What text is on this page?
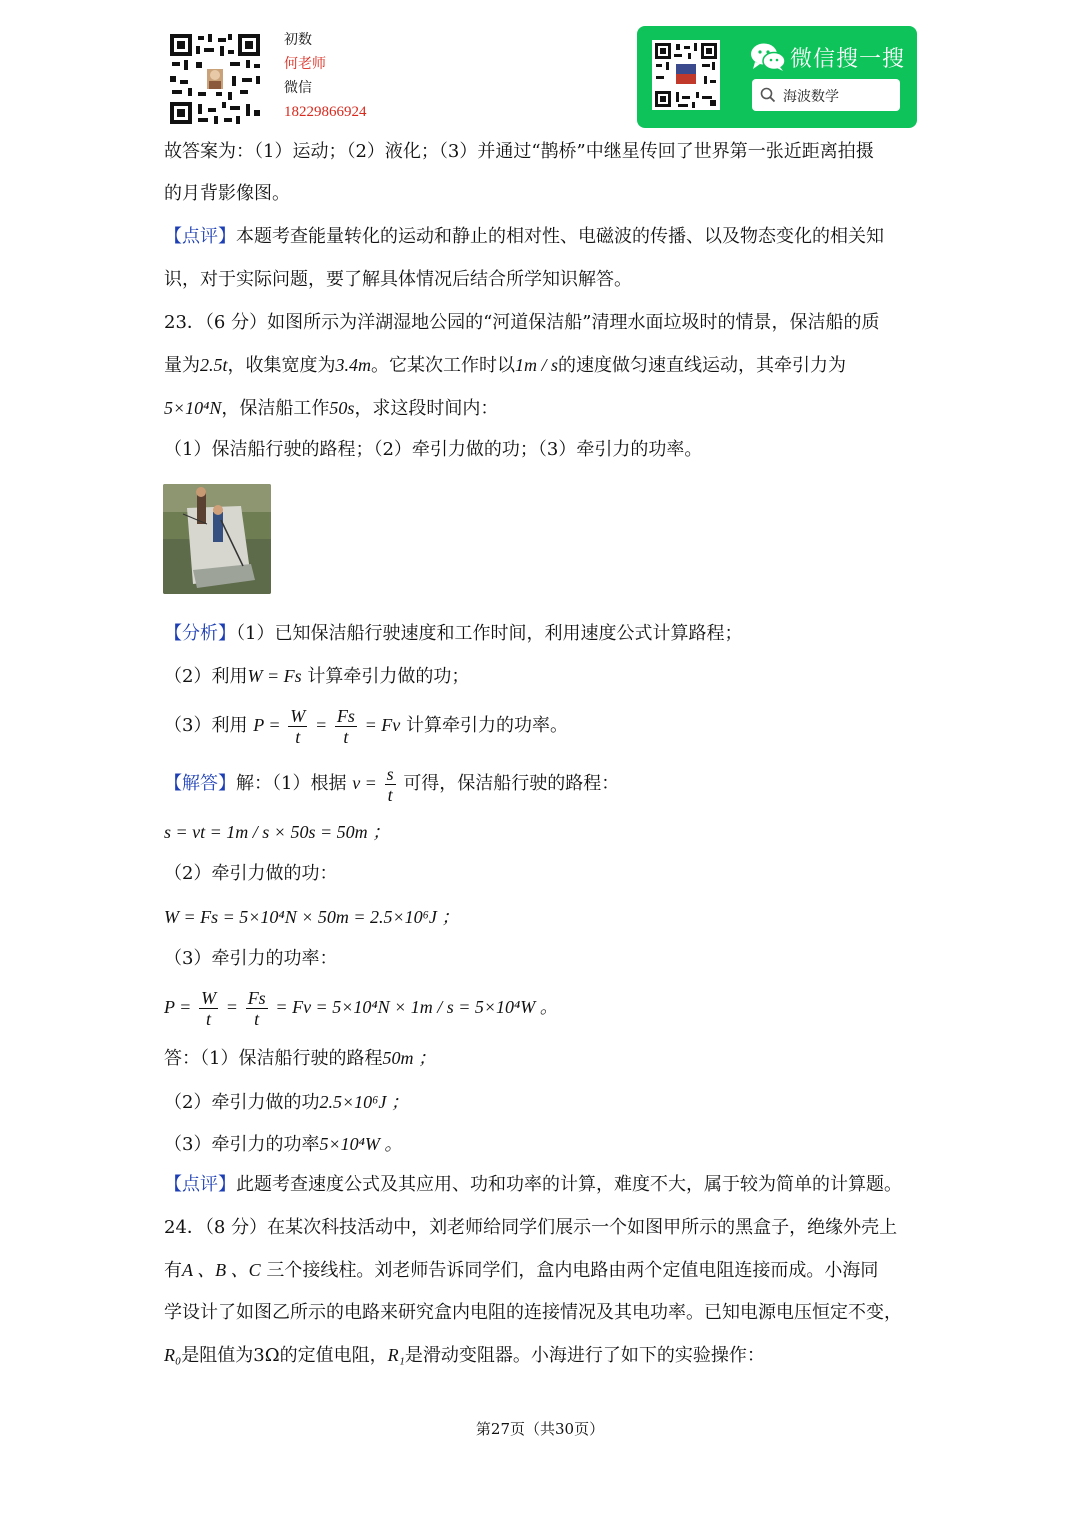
初数
何老师
微信
18229866924
微信搜一搜
海波数学
故答案为：（1）运动；（2）液化；（3）并通过“鹊桥”中继星传回了世界第一张近距离拍摄
的月背影像图。
【点评】本题考查能量转化的运动和静止的相对性、电磁波的传播、以及物态变化的相关知
识，对于实际问题，要了解具体情况后结合所学知识解答。
23．（6 分）如图所示为洋湖湿地公园的“河道保洁船”清理水面垃圾时的情景，保洁船的质
量为2.5t，收集宽度为3.4m。它某次工作时以1m / s的速度做匀速直线运动，其牵引力为
5×10⁴N，保洁船工作50s，求这段时间内：
（1）保洁船行驶的路程；（2）牵引力做的功；（3）牵引力的功率。
【分析】（1）已知保洁船行驶速度和工作时间，利用速度公式计算路程；
（2）利用W = Fs 计算牵引力做的功；
（3）利用 $P = \frac{W}{t} = \frac{Fs}{t} = Fv$ 计算牵引力的功率。
【解答】解：（1）根据 $v = \frac{s}{t}$ 可得，保洁船行驶的路程：
s = vt = 1m / s × 50s = 50m ；
（2）牵引力做的功：
W = Fs = 5×10⁴N × 50m = 2.5×10⁶J ；
（3）牵引力的功率：
$P = \frac{W}{t} = \frac{Fs}{t} = Fv = 5\times 10^4N \times 1m / s = 5\times 10^4W$ 。
答：（1）保洁船行驶的路程50m ；
（2）牵引力做的功2.5×10⁶J ；
（3）牵引力的功率5×10⁴W 。
【点评】此题考查速度公式及其应用、功和功率的计算，难度不大，属于较为简单的计算题。
24．（8 分）在某次科技活动中，刘老师给同学们展示一个如图甲所示的黑盒子，绝缘外壳上
有A 、B 、C 三个接线柱。刘老师告诉同学们，盒内电路由两个定值电阻连接而成。小海同
学设计了如图乙所示的电路来研究盒内电阻的连接情况及其电功率。已知电源电压恒定不变，
R₀是阻值为3Ω的定值电阻，R₁是滑动变阻器。小海进行了如下的实验操作：
第27页（共30页）
